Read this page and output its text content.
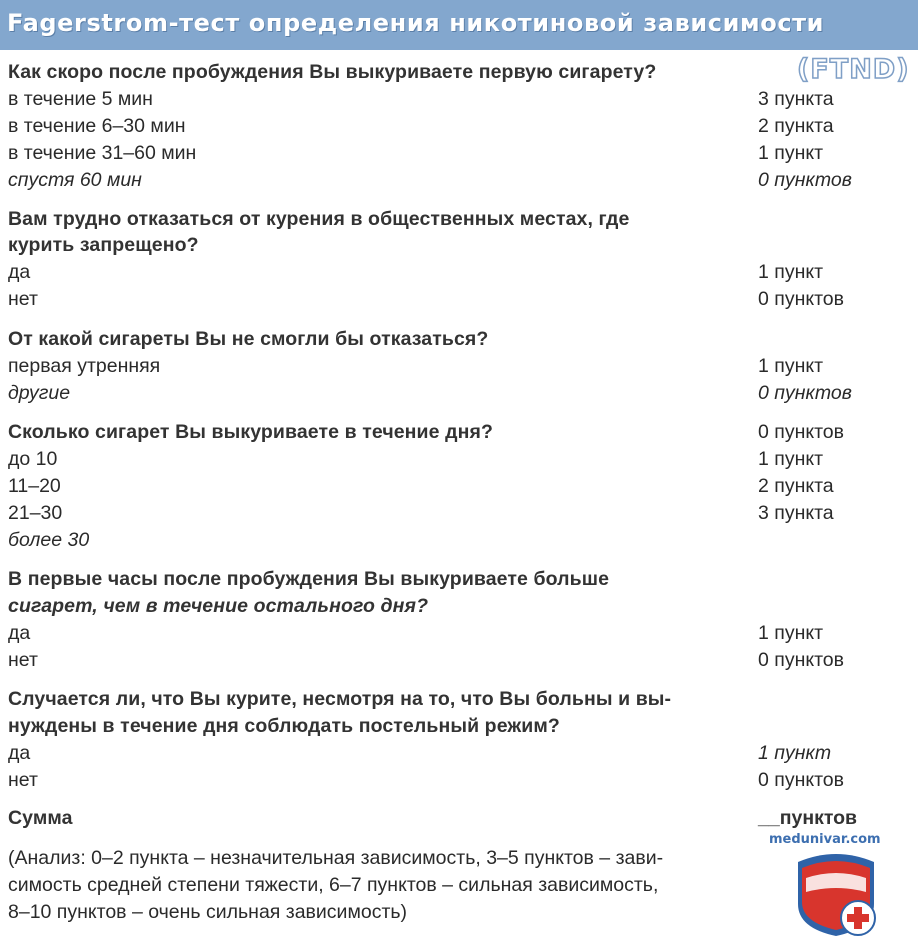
Fagerstrom-тест определения никотиновой зависимости
(FTND)
Как скоро после пробуждения Вы выкуриваете первую сигарету?
в течение 5 мин
в течение 6–30 мин
в течение 31–60 мин
спустя 60 мин
3 пункта
2 пункта
1 пункт
0 пунктов
Вам трудно отказаться от курения в общественных местах, где
курить запрещено?
да
нет
1 пункт
0 пунктов
От какой сигареты Вы не смогли бы отказаться?
первая утренняя
другие
1 пункт
0 пунктов
Сколько сигарет Вы выкуриваете в течение дня?
до 10
11–20
21–30
более 30
0 пунктов
1 пункт
2 пункта
3 пункта
В первые часы после пробуждения Вы выкуриваете больше
сигарет, чем в течение остального дня?
да
нет
1 пункт
0 пунктов
Случается ли, что Вы курите, несмотря на то, что Вы больны и вы-
нуждены в течение дня соблюдать постельный режим?
да
нет
1 пункт
0 пунктов
Сумма	__пунктов
(Анализ: 0–2 пункта – незначительная зависимость, 3–5 пунктов – зави-
симость средней степени тяжести, 6–7 пунктов – сильная зависимость,
8–10 пунктов – очень сильная зависимость)
medunivar.com
